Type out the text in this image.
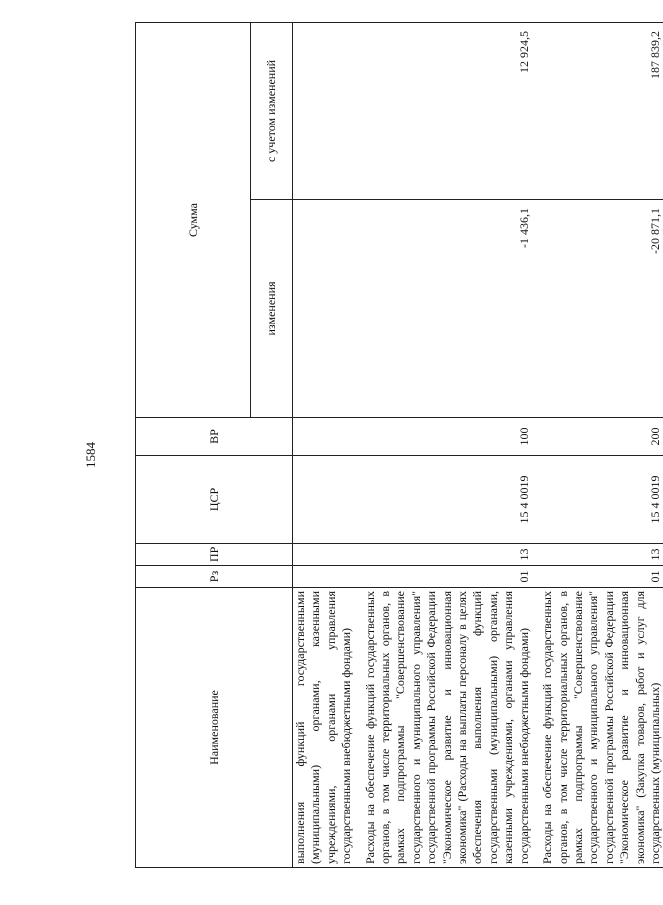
1584
Наименование	Рз	ПР	ЦСР	ВР	Сумма	
					изменения	с учетом изменений
выполнения функций государственными (муниципальными) органами, казенными учреждениями, органами управления государственными внебюджетными фондами)						
Расходы на обеспечение функций государственных органов, в том числе территориальных органов, в рамках подпрограммы "Совершенствование государственного и муниципального управления" государственной программы Российской Федерации "Экономическое развитие и инновационная экономика" (Расходы на выплаты персоналу в целях обеспечения выполнения функций государственными (муниципальными) органами, казенными учреждениями, органами управления государственными внебюджетными фондами)	01	13	15 4 0019	100	-1 436,1	12 924,5
Расходы на обеспечение функций государственных органов, в том числе территориальных органов, в рамках подпрограммы "Совершенствование государственного и муниципального управления" государственной программы Российской Федерации "Экономическое развитие и инновационная экономика" (Закупка товаров, работ и услуг для государственных (муниципальных)	01	13	15 4 0019	200	-20 871,1	187 839,2
